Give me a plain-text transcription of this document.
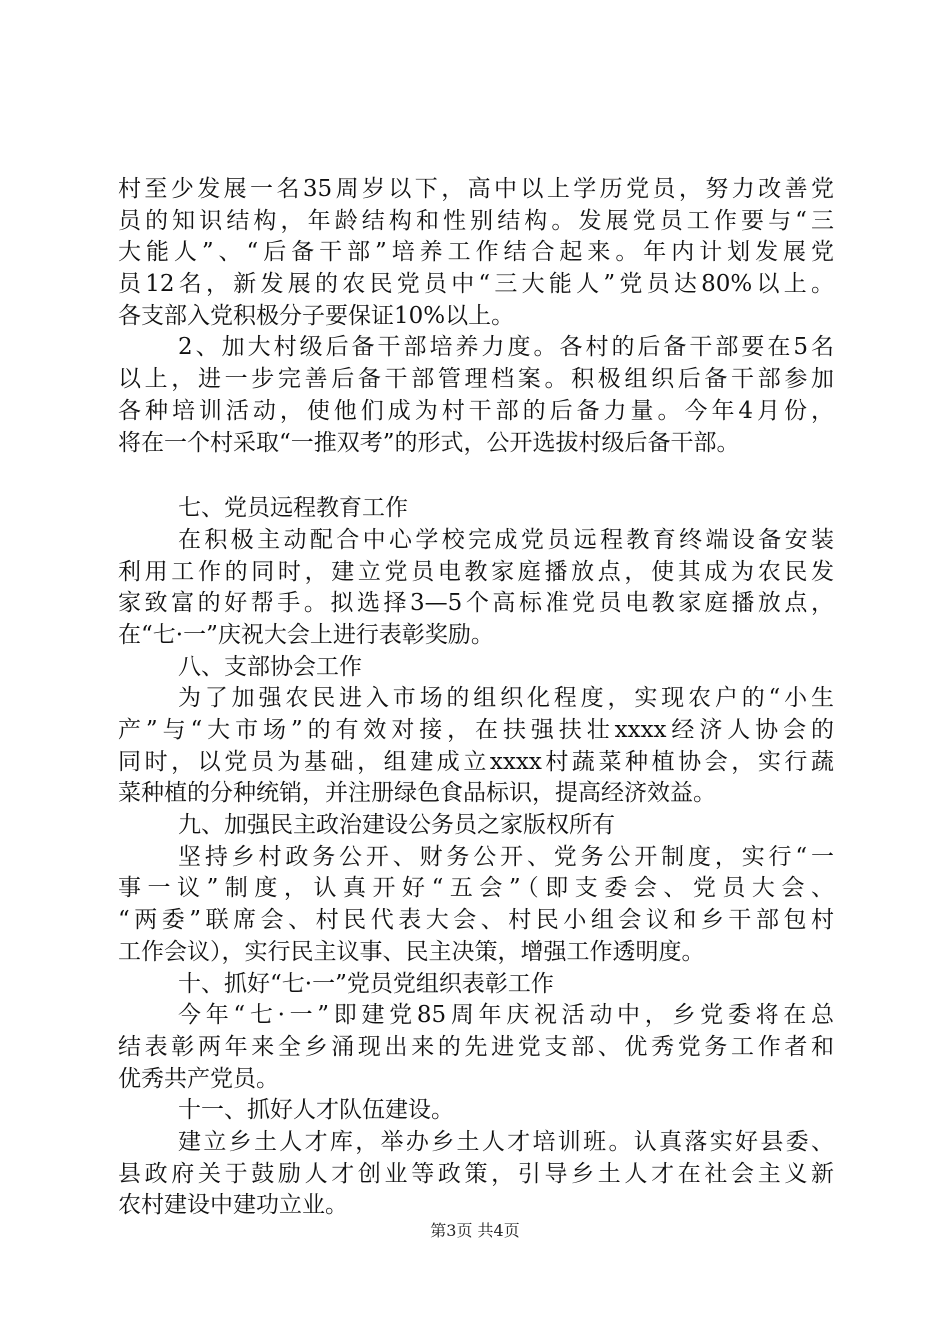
村至少发展一名35周岁以下，高中以上学历党员，努力改善党
员的知识结构，年龄结构和性别结构。发展党员工作要与“三
大能人”、“后备干部”培养工作结合起来。年内计划发展党
员12名，新发展的农民党员中“三大能人”党员达80%以上。
各支部入党积极分子要保证10%以上。
2、加大村级后备干部培养力度。各村的后备干部要在5名
以上，进一步完善后备干部管理档案。积极组织后备干部参加
各种培训活动，使他们成为村干部的后备力量。今年4月份，
将在一个村采取“一推双考”的形式，公开选拔村级后备干部。
七、党员远程教育工作
在积极主动配合中心学校完成党员远程教育终端设备安装
利用工作的同时，建立党员电教家庭播放点，使其成为农民发
家致富的好帮手。拟选择3—5个高标准党员电教家庭播放点，
在“七·一”庆祝大会上进行表彰奖励。
八、支部协会工作
为了加强农民进入市场的组织化程度，实现农户的“小生
产”与“大市场”的有效对接，在扶强扶壮xxxx经济人协会的
同时，以党员为基础，组建成立xxxx村蔬菜种植协会，实行蔬
菜种植的分种统销，并注册绿色食品标识，提高经济效益。
九、加强民主政治建设公务员之家版权所有
坚持乡村政务公开、财务公开、党务公开制度，实行“一
事一议”制度，认真开好“五会”（即支委会、党员大会、
“两委”联席会、村民代表大会、村民小组会议和乡干部包村
工作会议），实行民主议事、民主决策，增强工作透明度。
十、抓好“七·一”党员党组织表彰工作
今年“七·一”即建党85周年庆祝活动中，乡党委将在总
结表彰两年来全乡涌现出来的先进党支部、优秀党务工作者和
优秀共产党员。
十一、抓好人才队伍建设。
建立乡土人才库，举办乡土人才培训班。认真落实好县委、
县政府关于鼓励人才创业等政策，引导乡土人才在社会主义新
农村建设中建功立业。
第3页 共4页
